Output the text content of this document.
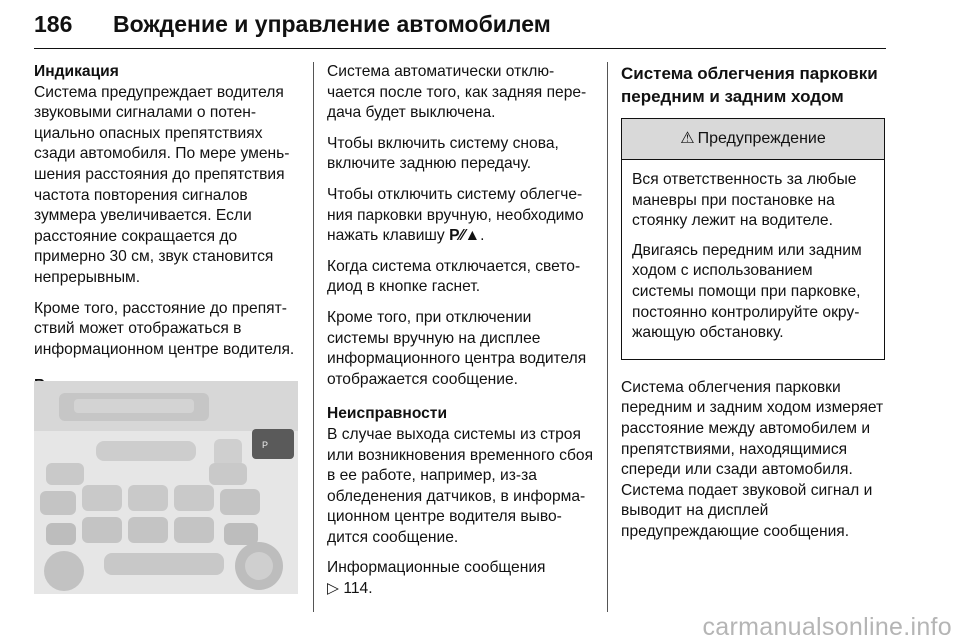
186 Вождение и управление автомобилем

Индикация

Система предупреждает водителя звуковыми сигналами о потенциально опасных препятствиях сзади автомобиля. По мере уменьшения расстояния до препятствия частота повторения сигналов зуммера увеличивается. Если расстояние сокращается до примерно 30 см, звук становится непрерывным.

Кроме того, расстояние до препятствий может отображаться в информационном центре водителя.

P

Система автоматически отключается после того, как задняя передача будет выключена.

Чтобы включить систему снова, включите заднюю передачу.

Чтобы отключить систему облегчения парковки вручную, необходимо нажать клавишу P⁄⁄▲.

Когда система отключается, светодиод в кнопке гаснет.

Кроме того, при отключении системы вручную на дисплее информационного центра водителя отображается сообщение.

Неисправности

В случае выхода системы из строя или возникновения временного сбоя в ее работе, например, из-за обледенения датчиков, в информационном центре водителя выводится сообщение.

Информационные сообщения

▷ 114.

Система облегчения парковки передним и задним ходом

⚠ Предупреждение

Вся ответственность за любые маневры при постановке на стоянку лежит на водителе.

Двигаясь передним или задним ходом с использованием системы помощи при парковке, постоянно контролируйте окружающую обстановку.

Система облегчения парковки передним и задним ходом измеряет расстояние между автомобилем и препятствиями, находящимися спереди или сзади автомобиля. Система подает звуковой сигнал и выводит на дисплей предупреждающие сообщения.

carmanualsonline.info
